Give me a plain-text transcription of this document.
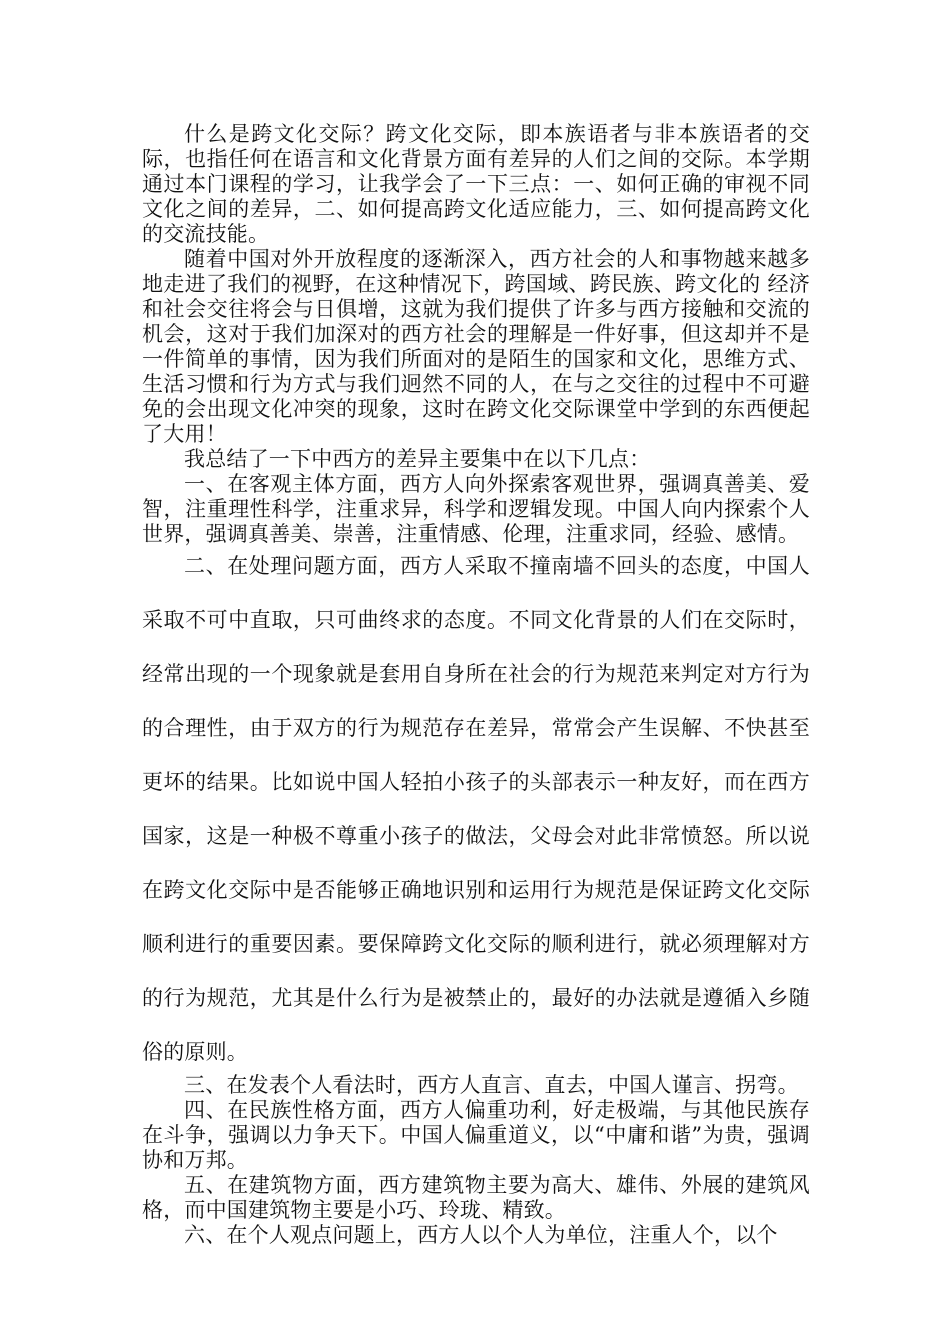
什么是跨文化交际？跨文化交际，即本族语者与非本族语者的交际，也指任何在语言和文化背景方面有差异的人们之间的交际。本学期通过本门课程的学习，让我学会了一下三点：一、如何正确的审视不同文化之间的差异，二、如何提高跨文化适应能力，三、如何提高跨文化的交流技能。

随着中国对外开放程度的逐渐深入，西方社会的人和事物越来越多地走进了我们的视野，在这种情况下，跨国域、跨民族、跨文化的 经济和社会交往将会与日俱增，这就为我们提供了许多与西方接触和交流的机会，这对于我们加深对的西方社会的理解是一件好事，但这却并不是一件简单的事情，因为我们所面对的是陌生的国家和文化，思维方式、生活习惯和行为方式与我们迥然不同的人，在与之交往的过程中不可避免的会出现文化冲突的现象，这时在跨文化交际课堂中学到的东西便起了大用！

我总结了一下中西方的差异主要集中在以下几点：

一、在客观主体方面，西方人向外探索客观世界，强调真善美、爱智，注重理性科学，注重求异，科学和逻辑发现。中国人向内探索个人世界，强调真善美、崇善，注重情感、伦理，注重求同，经验、感情。

二、在处理问题方面，西方人采取不撞南墙不回头的态度，中国人采取不可中直取，只可曲终求的态度。不同文化背景的人们在交际时，经常出现的一个现象就是套用自身所在社会的行为规范来判定对方行为的合理性，由于双方的行为规范存在差异，常常会产生误解、不快甚至更坏的结果。比如说中国人轻拍小孩子的头部表示一种友好，而在西方国家，这是一种极不尊重小孩子的做法，父母会对此非常愤怒。所以说在跨文化交际中是否能够正确地识别和运用行为规范是保证跨文化交际顺利进行的重要因素。要保障跨文化交际的顺利进行，就必须理解对方的行为规范，尤其是什么行为是被禁止的，最好的办法就是遵循入乡随俗的原则。

三、在发表个人看法时，西方人直言、直去，中国人谨言、拐弯。

四、在民族性格方面，西方人偏重功利，好走极端，与其他民族存在斗争，强调以力争天下。中国人偏重道义，以“中庸和谐”为贵，强调协和万邦。

五、在建筑物方面，西方建筑物主要为高大、雄伟、外展的建筑风格，而中国建筑物主要是小巧、玲珑、精致。

六、在个人观点问题上，西方人以个人为单位，注重人个，以个
